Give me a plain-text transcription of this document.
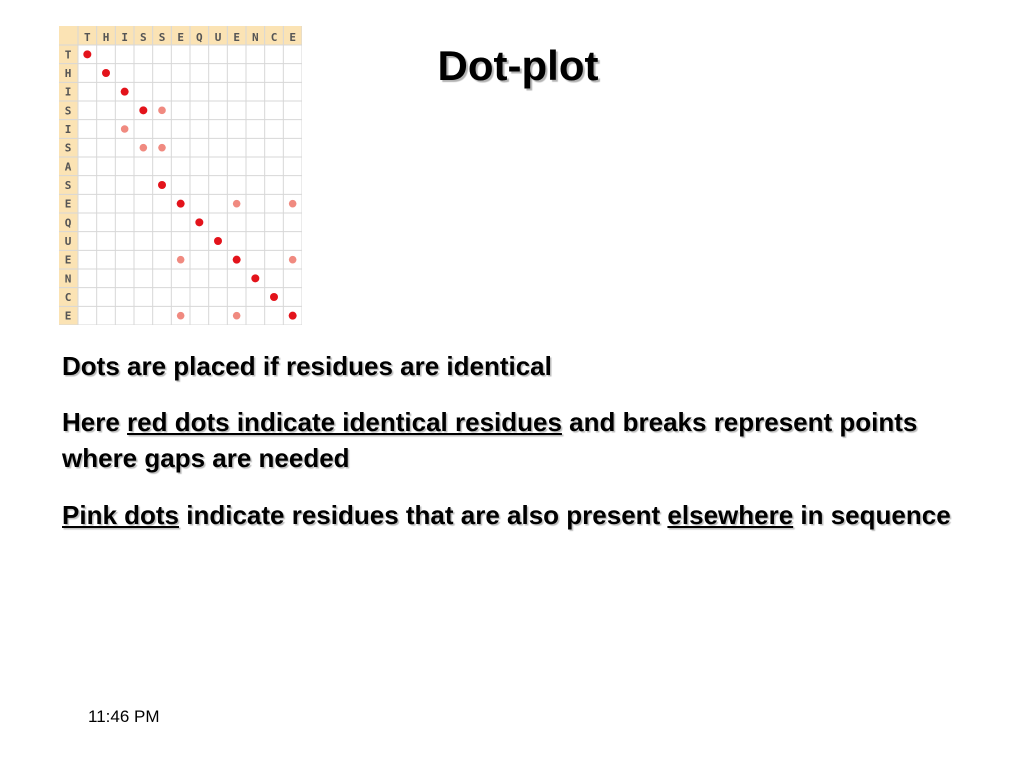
T H I S S E Q U E N C E
T
H
I
S
I
S
A
S
E
Q
U
E
N
C
E
Dot-plot
Dots are placed if residues are identical
Here red dots indicate identical residues and breaks represent points where gaps are needed
Pink dots indicate residues that are also present elsewhere in sequence
11:46 PM
